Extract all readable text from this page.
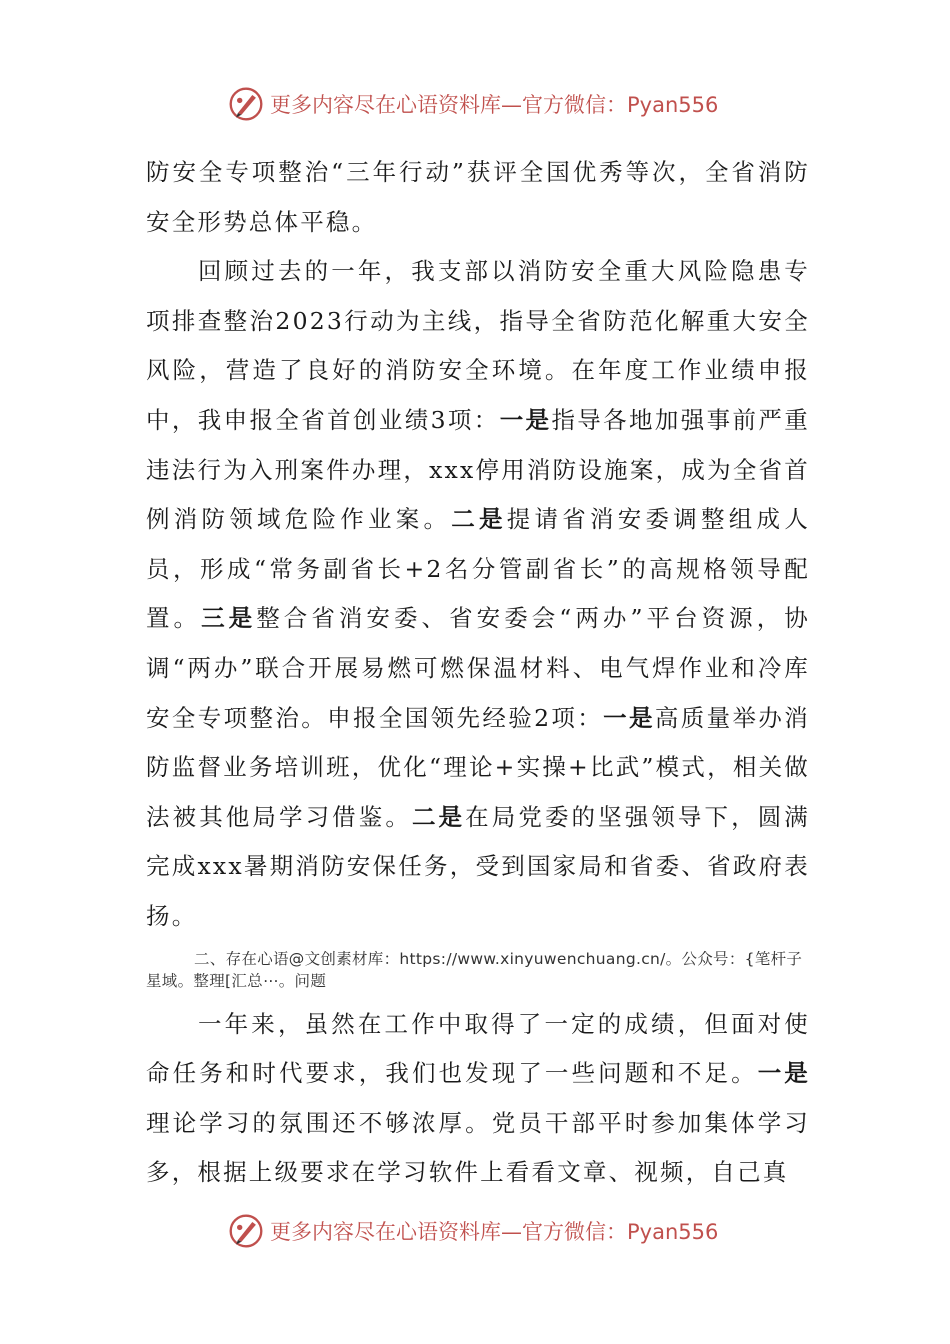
更多内容尽在心语资料库—官方微信：Pyan556

防安全专项整治“三年行动”获评全国优秀等次，全省消防安全形势总体平稳。

回顾过去的一年，我支部以消防安全重大风险隐患专项排查整治2023行动为主线，指导全省防范化解重大安全风险，营造了良好的消防安全环境。在年度工作业绩申报中，我申报全省首创业绩3项：一是指导各地加强事前严重违法行为入刑案件办理，xxx停用消防设施案，成为全省首例消防领域危险作业案。二是提请省消安委调整组成人员，形成“常务副省长+2名分管副省长”的高规格领导配置。三是整合省消安委、省安委会“两办”平台资源，协调“两办”联合开展易燃可燃保温材料、电气焊作业和冷库安全专项整治。申报全国领先经验2项：一是高质量举办消防监督业务培训班，优化“理论+实操+比武”模式，相关做法被其他局学习借鉴。二是在局党委的坚强领导下，圆满完成xxx暑期消防安保任务，受到国家局和省委、省政府表扬。

二、存在心语@文创素材库：https://www.xinyuwenchuang.cn/。公众号：{笔杆子星域。整理[汇总⋯。问题

一年来，虽然在工作中取得了一定的成绩，但面对使命任务和时代要求，我们也发现了一些问题和不足。一是理论学习的氛围还不够浓厚。党员干部平时参加集体学习多，根据上级要求在学习软件上看看文章、视频，自己真

更多内容尽在心语资料库—官方微信：Pyan556
